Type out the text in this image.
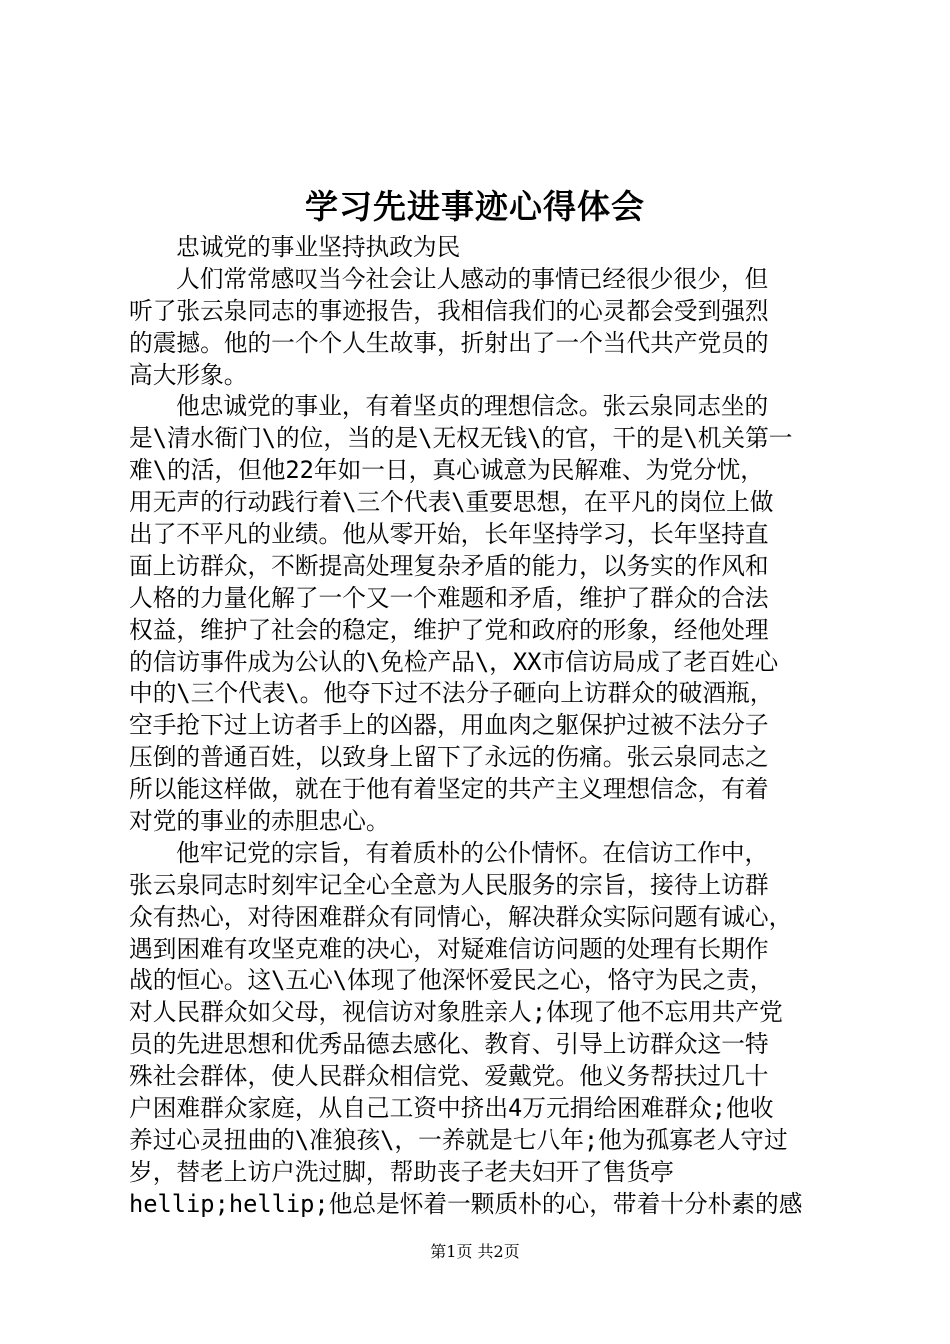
学习先进事迹心得体会
忠诚党的事业坚持执政为民
人们常常感叹当今社会让人感动的事情已经很少很少，但
听了张云泉同志的事迹报告，我相信我们的心灵都会受到强烈
的震撼。他的一个个人生故事，折射出了一个当代共产党员的
高大形象。
他忠诚党的事业，有着坚贞的理想信念。张云泉同志坐的
是\清水衙门\的位，当的是\无权无钱\的官，干的是\机关第一
难\的活，但他22年如一日，真心诚意为民解难、为党分忧，
用无声的行动践行着\三个代表\重要思想，在平凡的岗位上做
出了不平凡的业绩。他从零开始，长年坚持学习，长年坚持直
面上访群众，不断提高处理复杂矛盾的能力，以务实的作风和
人格的力量化解了一个又一个难题和矛盾，维护了群众的合法
权益，维护了社会的稳定，维护了党和政府的形象，经他处理
的信访事件成为公认的\免检产品\，XX市信访局成了老百姓心
中的\三个代表\。他夺下过不法分子砸向上访群众的破酒瓶，
空手抢下过上访者手上的凶器，用血肉之躯保护过被不法分子
压倒的普通百姓，以致身上留下了永远的伤痛。张云泉同志之
所以能这样做，就在于他有着坚定的共产主义理想信念，有着
对党的事业的赤胆忠心。
他牢记党的宗旨，有着质朴的公仆情怀。在信访工作中，
张云泉同志时刻牢记全心全意为人民服务的宗旨，接待上访群
众有热心，对待困难群众有同情心，解决群众实际问题有诚心，
遇到困难有攻坚克难的决心，对疑难信访问题的处理有长期作
战的恒心。这\五心\体现了他深怀爱民之心，恪守为民之责，
对人民群众如父母，视信访对象胜亲人;体现了他不忘用共产党
员的先进思想和优秀品德去感化、教育、引导上访群众这一特
殊社会群体，使人民群众相信党、爱戴党。他义务帮扶过几十
户困难群众家庭，从自己工资中挤出4万元捐给困难群众;他收
养过心灵扭曲的\准狼孩\，一养就是七八年;他为孤寡老人守过
岁，替老上访户洗过脚，帮助丧子老夫妇开了售货亭
hellip;hellip;他总是怀着一颗质朴的心，带着十分朴素的感
第1页 共2页
